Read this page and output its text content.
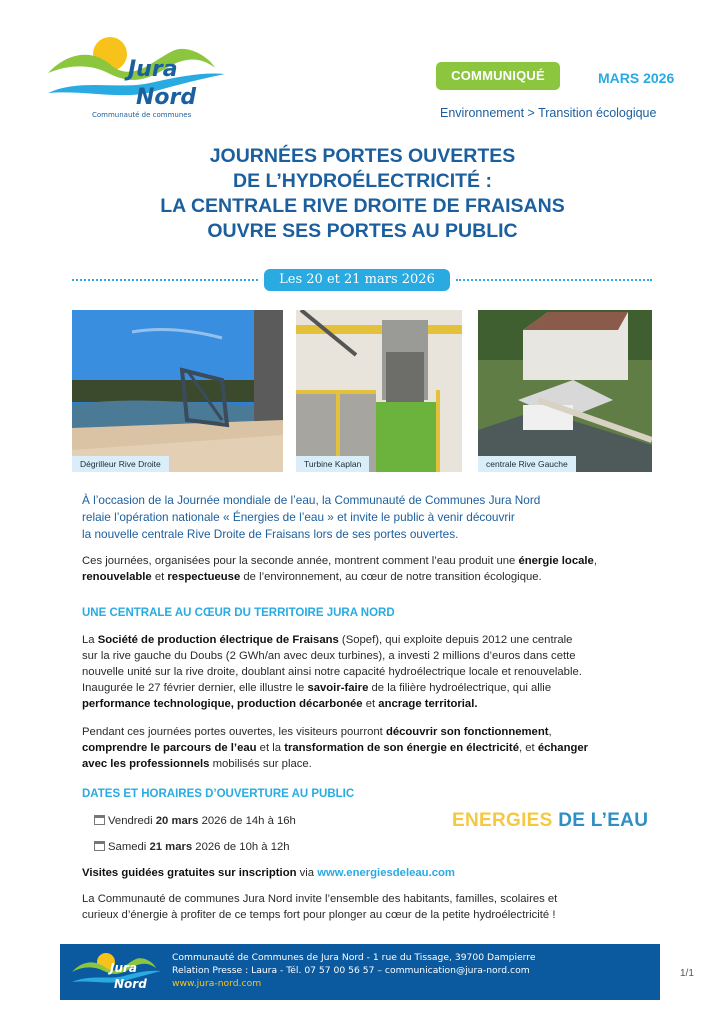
Jura
Nord
Communauté de communes
COMMUNIQUÉ	MARS 2026
Environnement > Transition écologique
JOURNÉES PORTES OUVERTES
DE L’HYDROÉLECTRICITÉ :
LA CENTRALE RIVE DROITE DE FRAISANS
OUVRE SES PORTES AU PUBLIC
Les 20 et 21 mars 2026
Dégrilleur Rive Droite	Turbine Kaplan	centrale Rive Gauche
À l’occasion de la Journée mondiale de l’eau, la Communauté de Communes Jura Nord
relaie l’opération nationale « Énergies de l’eau » et invite le public à venir découvrir
la nouvelle centrale Rive Droite de Fraisans lors de ses portes ouvertes.
Ces journées, organisées pour la seconde année, montrent comment l’eau produit une énergie locale,
renouvelable et respectueuse de l’environnement, au cœur de notre transition écologique.
UNE CENTRALE AU CŒUR DU TERRITOIRE JURA NORD
La Société de production électrique de Fraisans (Sopef), qui exploite depuis 2012 une centrale
sur la rive gauche du Doubs (2 GWh/an avec deux turbines), a investi 2 millions d’euros dans cette
nouvelle unité sur la rive droite, doublant ainsi notre capacité hydroélectrique locale et renouvelable.
Inaugurée le 27 février dernier, elle illustre le savoir-faire de la filière hydroélectrique, qui allie
performance technologique, production décarbonée et ancrage territorial.
Pendant ces journées portes ouvertes, les visiteurs pourront découvrir son fonctionnement,
comprendre le parcours de l’eau et la transformation de son énergie en électricité, et échanger
avec les professionnels mobilisés sur place.
DATES ET HORAIRES D’OUVERTURE AU PUBLIC
Vendredi 20 mars 2026 de 14h à 16h
Samedi 21 mars 2026 de 10h à 12h
ENERGIES DE L’EAU
Visites guidées gratuites sur inscription via www.energiesdeleau.com
La Communauté de communes Jura Nord invite l’ensemble des habitants, familles, scolaires et
curieux d’énergie à profiter de ce temps fort pour plonger au cœur de la petite hydroélectricité !
Jura
Nord
Communauté de Communes de Jura Nord - 1 rue du Tissage, 39700 Dampierre
Relation Presse : Laura - Tél. 07 57 00 56 57 – communication@jura-nord.com
www.jura-nord.com
1/1
